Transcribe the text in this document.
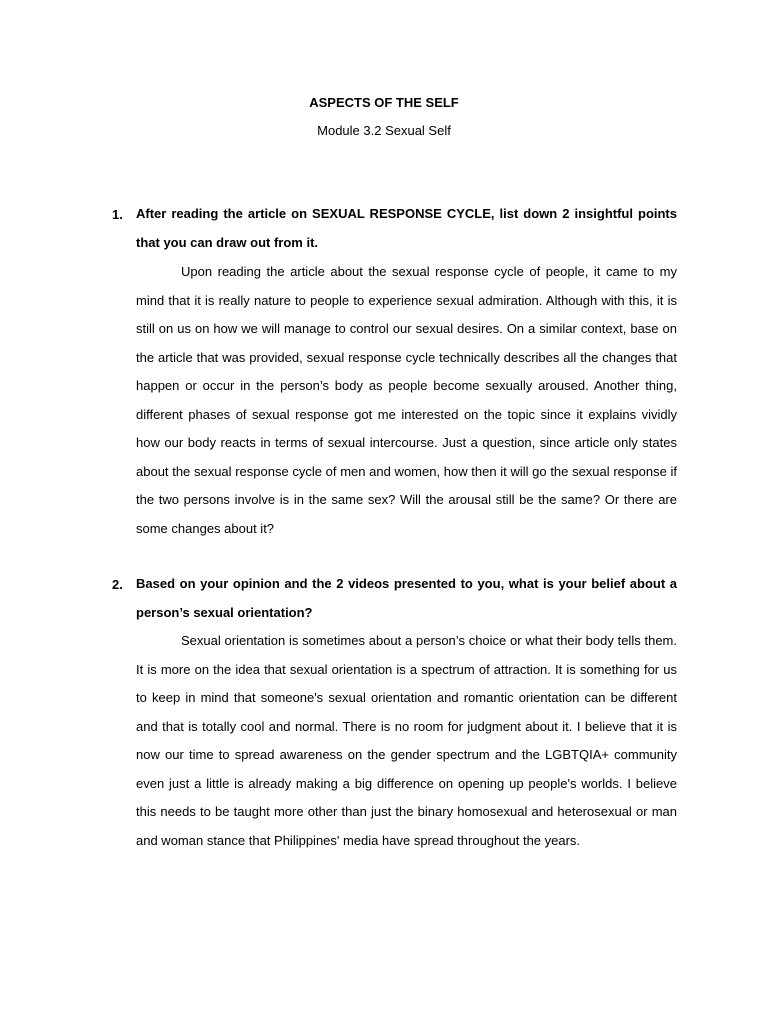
ASPECTS OF THE SELF
Module 3.2 Sexual Self
1. After reading the article on SEXUAL RESPONSE CYCLE, list down 2 insightful points that you can draw out from it.

Upon reading the article about the sexual response cycle of people, it came to my mind that it is really nature to people to experience sexual admiration. Although with this, it is still on us on how we will manage to control our sexual desires. On a similar context, base on the article that was provided, sexual response cycle technically describes all the changes that happen or occur in the person’s body as people become sexually aroused. Another thing, different phases of sexual response got me interested on the topic since it explains vividly how our body reacts in terms of sexual intercourse. Just a question, since article only states about the sexual response cycle of men and women, how then it will go the sexual response if the two persons involve is in the same sex? Will the arousal still be the same? Or there are some changes about it?

2. Based on your opinion and the 2 videos presented to you, what is your belief about a person’s sexual orientation?

Sexual orientation is sometimes about a person’s choice or what their body tells them. It is more on the idea that sexual orientation is a spectrum of attraction. It is something for us to keep in mind that someone's sexual orientation and romantic orientation can be different and that is totally cool and normal. There is no room for judgment about it. I believe that it is now our time to spread awareness on the gender spectrum and the LGBTQIA+ community even just a little is already making a big difference on opening up people's worlds. I believe this needs to be taught more other than just the binary homosexual and heterosexual or man and woman stance that Philippines' media have spread throughout the years.
